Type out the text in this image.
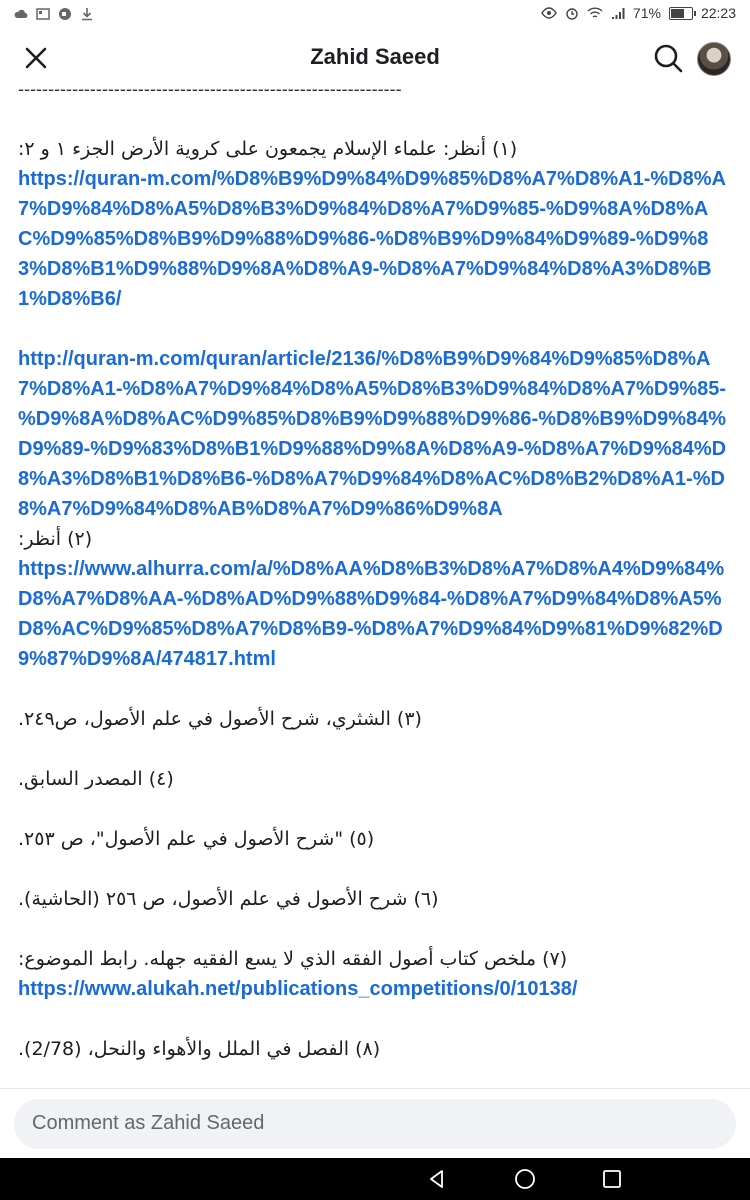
71%	22:23
Zahid Saeed
----------------------------------------------------------------

(١) أنظر: علماء الإسلام يجمعون على كروية الأرض الجزء ١ و ٢:

https://quran-m.com/%D8%B9%D9%84%D9%85%D8%A7%D8%A1-%D8%A7%D9%84%D8%A5%D8%B3%D9%84%D8%A7%D9%85-%D9%8A%D8%AC%D9%85%D8%B9%D9%88%D9%86-%D8%B9%D9%84%D9%89-%D9%83%D8%B1%D9%88%D9%8A%D8%A9-%D8%A7%D9%84%D8%A3%D8%B1%D8%B6/
http://quran-m.com/quran/article/2136/%D8%B9%D9%84%D9%85%D8%A7%D8%A1-%D8%A7%D9%84%D8%A5%D8%B3%D9%84%D8%A7%D9%85-%D9%8A%D8%AC%D9%85%D8%B9%D9%88%D9%86-%D8%B9%D9%84%D9%89-%D9%83%D8%B1%D9%88%D9%8A%D8%A9-%D8%A7%D9%84%D8%A3%D8%B1%D8%B6-%D8%A7%D9%84%D8%AC%D8%B2%D8%A1-%D8%A7%D9%84%D8%AB%D8%A7%D9%86%D9%8A

(٢) أنظر:

https://www.alhurra.com/a/%D8%AA%D8%B3%D8%A7%D8%A4%D9%84%D8%A7%D8%AA-%D8%AD%D9%88%D9%84-%D8%A7%D9%84%D8%A5%D8%AC%D9%85%D8%A7%D8%B9-%D8%A7%D9%84%D9%81%D9%82%D9%87%D9%8A/474817.html

(٣) الشثري، شرح الأصول في علم الأصول، ص٢٤٩.

(٤) المصدر السابق.

(٥) "شرح الأصول في علم الأصول"، ص ٢٥٣.

(٦) شرح الأصول في علم الأصول، ص ٢٥٦ (الحاشية).

(٧) ملخص كتاب أصول الفقه الذي لا يسع الفقيه جهله. رابط الموضوع:

https://www.alukah.net/publications_competitions/0/10138/

(٨) الفصل في الملل والأهواء والنحل، (2/78).

Comment as Zahid Saeed
